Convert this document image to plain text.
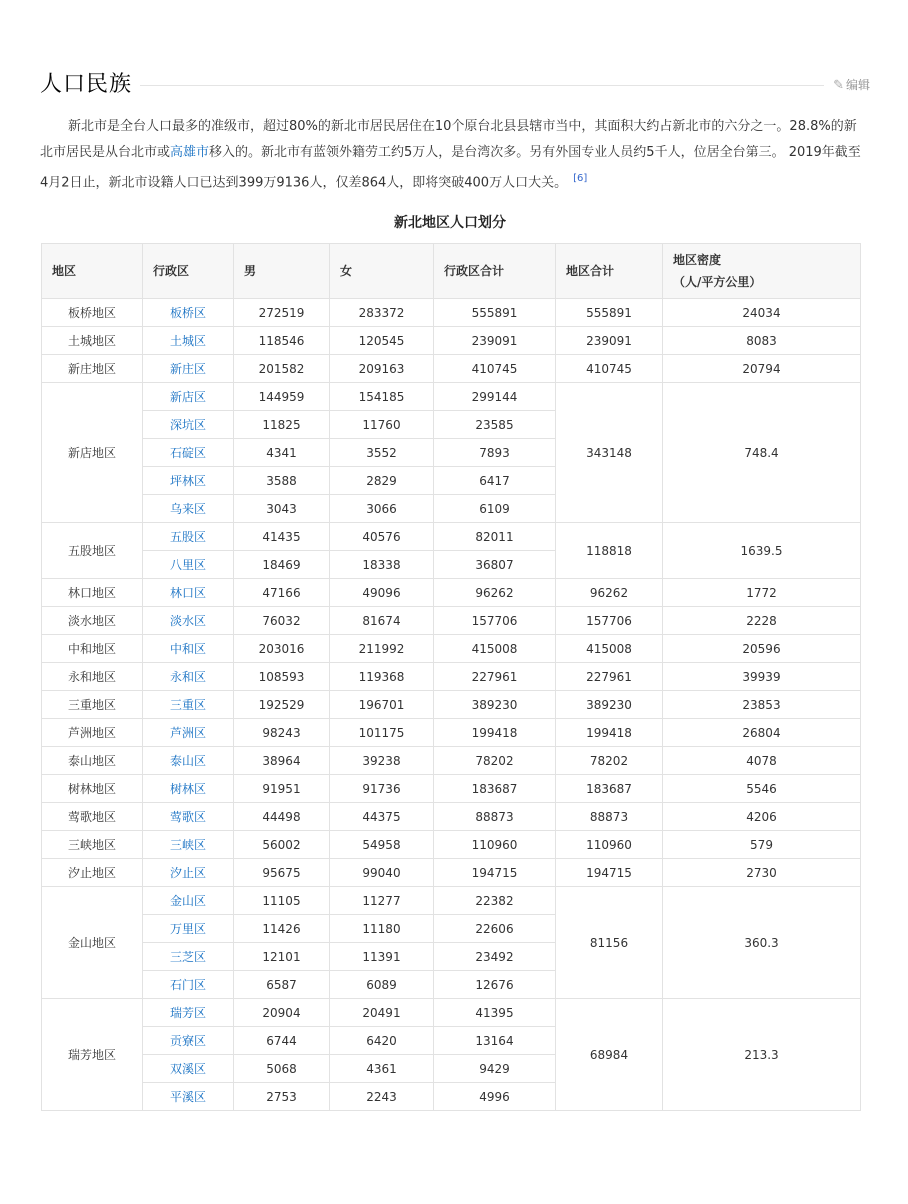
人口民族	✎ 编辑
新北市是全台人口最多的准级市，超过80%的新北市居民居住在10个原台北县县辖市当中，其面积大约占新北市的六分之一。28.8%的新北市居民是从台北市或高雄市移入的。新北市有蓝领外籍劳工约5万人，是台湾次多。另有外国专业人员约5千人，位居全台第三。 2019年截至4月2日止，新北市设籍人口已达到399万9136人，仅差864人，即将突破400万人口大关。 [6]
新北地区人口划分
地区	行政区	男	女	行政区合计	地区合计	地区密度
（人/平方公里）

板桥地区	板桥区	272519	283372	555891	555891	24034
土城地区	土城区	118546	120545	239091	239091	8083
新庄地区	新庄区	201582	209163	410745	410745	20794
新店地区	新店区	144959	154185	299144	343148	748.4
	深坑区	11825	11760	23585		
	石碇区	4341	3552	7893		
	坪林区	3588	2829	6417		
	乌来区	3043	3066	6109		
五股地区	五股区	41435	40576	82011	118818	1639.5
	八里区	18469	18338	36807		
林口地区	林口区	47166	49096	96262	96262	1772
淡水地区	淡水区	76032	81674	157706	157706	2228
中和地区	中和区	203016	211992	415008	415008	20596
永和地区	永和区	108593	119368	227961	227961	39939
三重地区	三重区	192529	196701	389230	389230	23853
芦洲地区	芦洲区	98243	101175	199418	199418	26804
泰山地区	泰山区	38964	39238	78202	78202	4078
树林地区	树林区	91951	91736	183687	183687	5546
莺歌地区	莺歌区	44498	44375	88873	88873	4206
三峡地区	三峡区	56002	54958	110960	110960	579
汐止地区	汐止区	95675	99040	194715	194715	2730
金山地区	金山区	11105	11277	22382	81156	360.3
	万里区	11426	11180	22606		
	三芝区	12101	11391	23492		
	石门区	6587	6089	12676		
瑞芳地区	瑞芳区	20904	20491	41395	68984	213.3
	贡寮区	6744	6420	13164		
	双溪区	5068	4361	9429		
	平溪区	2753	2243	4996		
